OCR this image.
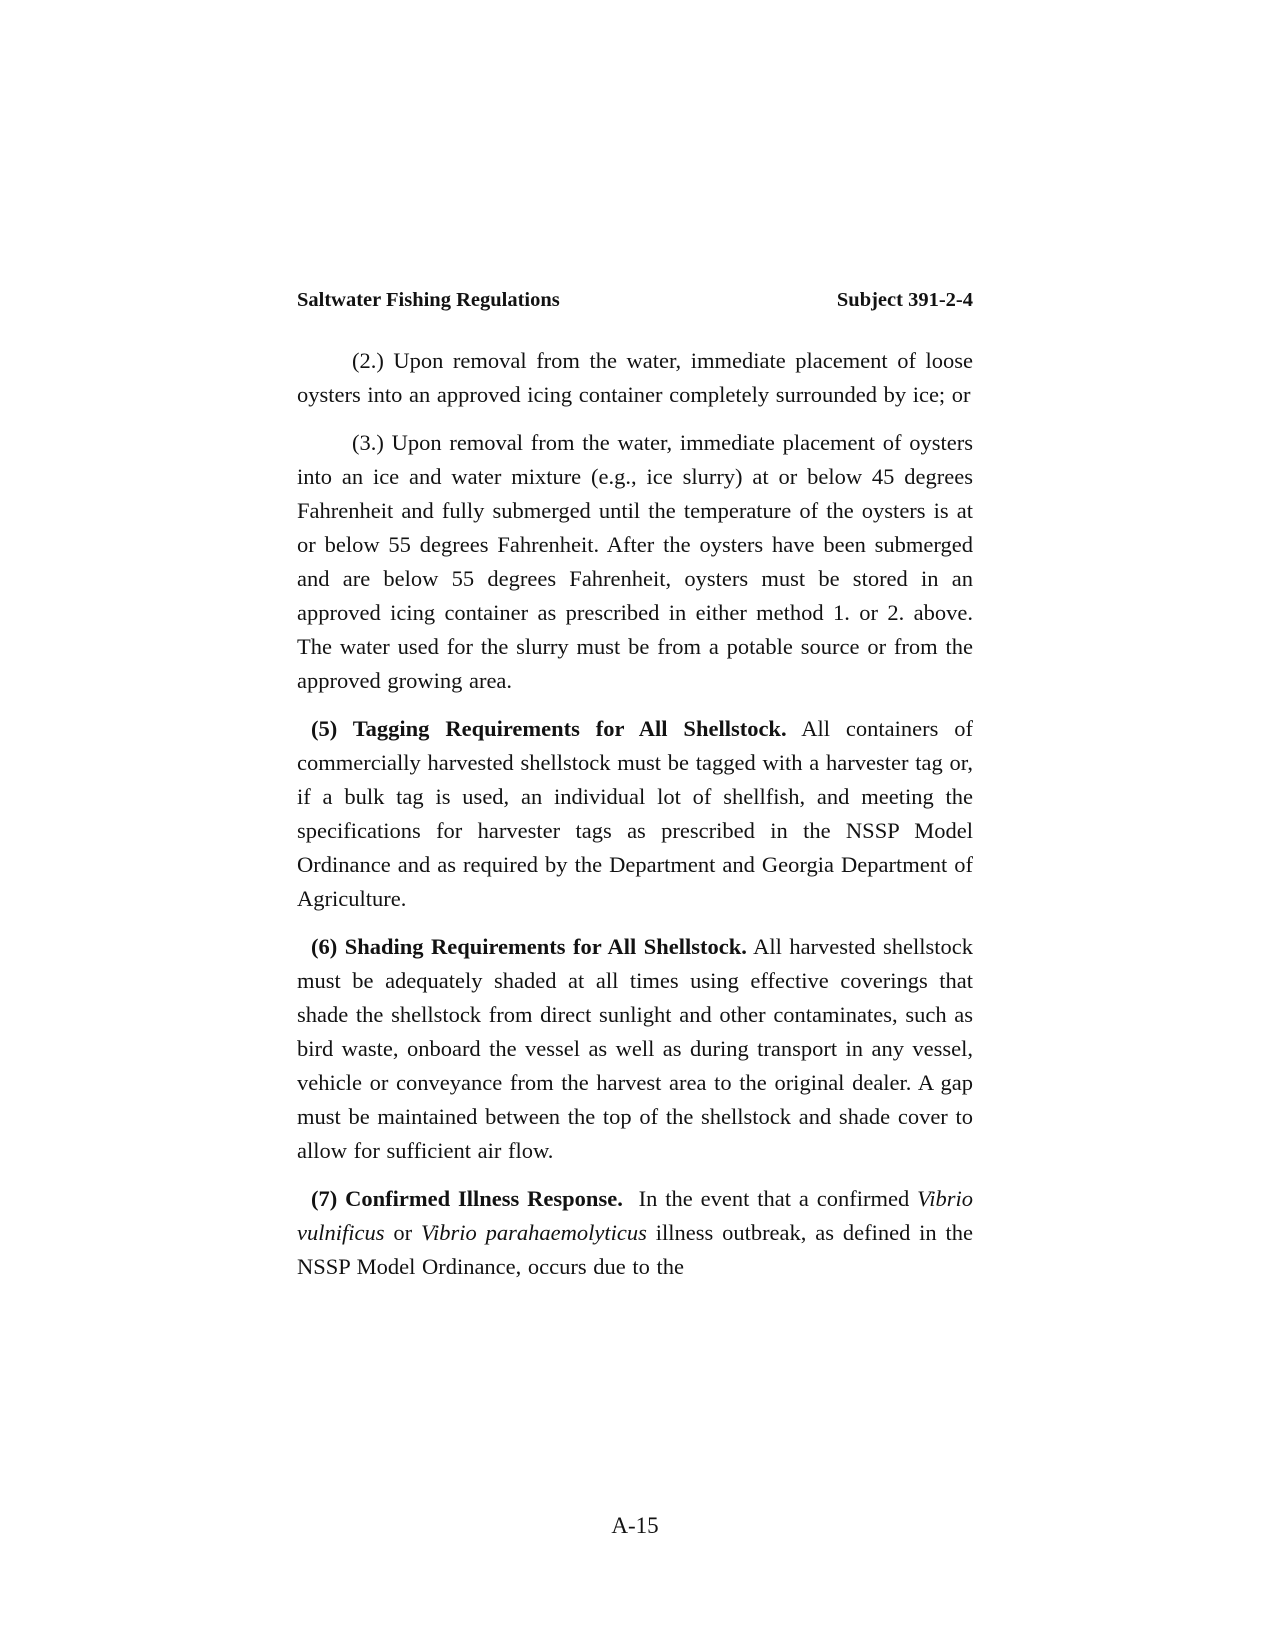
Saltwater Fishing Regulations	Subject 391-2-4

(2.) Upon removal from the water, immediate placement of loose oysters into an approved icing container completely surrounded by ice; or

(3.) Upon removal from the water, immediate placement of oysters into an ice and water mixture (e.g., ice slurry) at or below 45 degrees Fahrenheit and fully submerged until the temperature of the oysters is at or below 55 degrees Fahrenheit. After the oysters have been submerged and are below 55 degrees Fahrenheit, oysters must be stored in an approved icing container as prescribed in either method 1. or 2. above. The water used for the slurry must be from a potable source or from the approved growing area.

(5) Tagging Requirements for All Shellstock. All containers of commercially harvested shellstock must be tagged with a harvester tag or, if a bulk tag is used, an individual lot of shellfish, and meeting the specifications for harvester tags as prescribed in the NSSP Model Ordinance and as required by the Department and Georgia Department of Agriculture.

(6) Shading Requirements for All Shellstock. All harvested shellstock must be adequately shaded at all times using effective coverings that shade the shellstock from direct sunlight and other contaminates, such as bird waste, onboard the vessel as well as during transport in any vessel, vehicle or conveyance from the harvest area to the original dealer. A gap must be maintained between the top of the shellstock and shade cover to allow for sufficient air flow.

(7) Confirmed Illness Response.  In the event that a confirmed Vibrio vulnificus or Vibrio parahaemolyticus illness outbreak, as defined in the NSSP Model Ordinance, occurs due to the

A-15
